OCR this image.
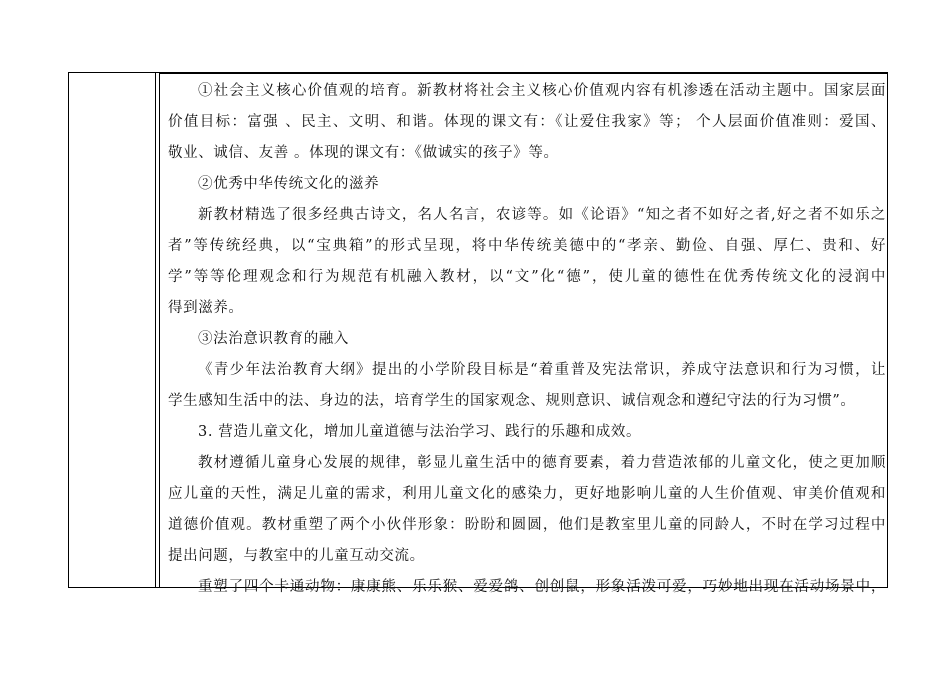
①社会主义核心价值观的培育。新教材将社会主义核心价值观内容有机渗透在活动主题中。国家层面
价值目标：富强 、民主、文明、和谐。体现的课文有：《让爱住我家》等； 个人层面价值准则：爱国、
敬业、诚信、友善 。体现的课文有：《做诚实的孩子》等。
②优秀中华传统文化的滋养
新教材精选了很多经典古诗文，名人名言，农谚等。如《论语》“知之者不如好之者,好之者不如乐之
者”等传统经典，以“宝典箱”的形式呈现，将中华传统美德中的“孝亲、勤俭、自强、厚仁、贵和、好
学”等等伦理观念和行为规范有机融入教材，以“文”化“德”，使儿童的德性在优秀传统文化的浸润中
得到滋养。
③法治意识教育的融入
《青少年法治教育大纲》提出的小学阶段目标是“着重普及宪法常识，养成守法意识和行为习惯，让
学生感知生活中的法、身边的法，培育学生的国家观念、规则意识、诚信观念和遵纪守法的行为习惯”。
3. 营造儿童文化，增加儿童道德与法治学习、践行的乐趣和成效。
教材遵循儿童身心发展的规律，彰显儿童生活中的德育要素，着力营造浓郁的儿童文化，使之更加顺
应儿童的天性，满足儿童的需求，利用儿童文化的感染力，更好地影响儿童的人生价值观、审美价值观和
道德价值观。教材重塑了两个小伙伴形象：盼盼和圆圆，他们是教室里儿童的同龄人，不时在学习过程中
提出问题，与教室中的儿童互动交流。
重塑了四个卡通动物：康康熊、乐乐猴、爱爱鸽、创创鼠，形象活泼可爱，巧妙地出现在活动场景中，
